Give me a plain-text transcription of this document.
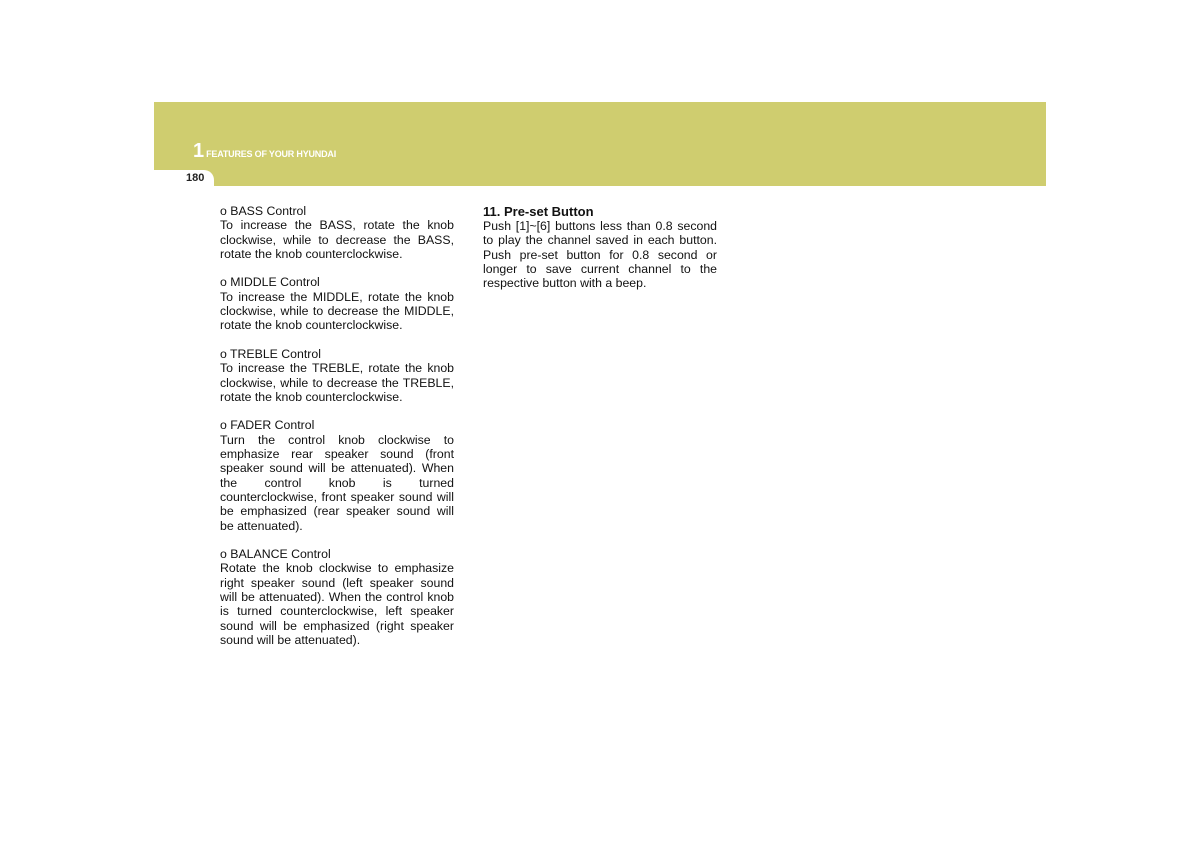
1 FEATURES OF YOUR HYUNDAI
180

o BASS Control

To increase the BASS, rotate the knob clockwise, while to decrease the BASS, rotate the knob counterclockwise.

o MIDDLE Control

To increase the MIDDLE, rotate the knob clockwise, while to decrease the MIDDLE, rotate the knob counterclockwise.

o TREBLE Control

To increase the TREBLE, rotate the knob clockwise, while to decrease the TREBLE, rotate the knob counterclockwise.

o FADER Control

Turn the control knob clockwise to emphasize rear speaker sound (front speaker sound will be attenuated). When the control knob is turned counterclockwise, front speaker sound will be emphasized (rear speaker sound will be attenuated).

o BALANCE Control

Rotate the knob clockwise to emphasize right speaker sound (left speaker sound will be attenuated). When the control knob is turned counterclockwise, left speaker sound will be emphasized (right speaker sound will be attenuated).

11. Pre-set Button

Push [1]~[6] buttons less than 0.8 second to play the channel saved in each button. Push pre-set button for 0.8 second or longer to save current channel to the respective button with a beep.
